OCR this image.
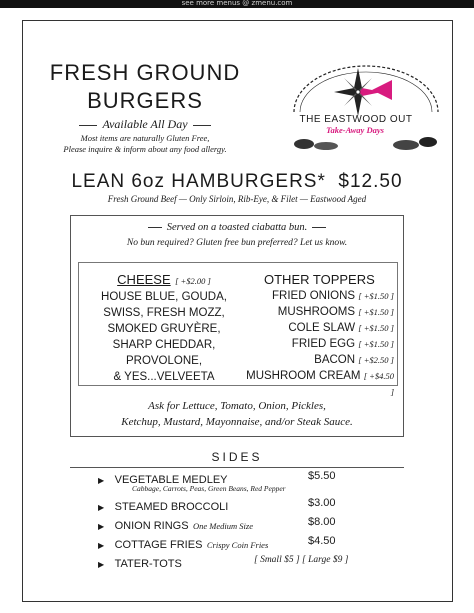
see more menus @ zmenu.com
FRESH GROUND
BURGERS
Available All Day
Most items are naturally Gluten Free,
Please inquire & inform about any food allergy.
THE EASTWOOD OUT
Take-Away Days
LEAN 6oz HAMBURGERS* $12.50
Fresh Ground Beef — Only Sirloin, Rib-Eye, & Filet — Eastwood Aged
Served on a toasted ciabatta bun.
No bun required? Gluten free bun preferred? Let us know.
CHEESE [ +$2.00 ]
HOUSE BLUE, GOUDA,
SWISS, FRESH MOZZ,
SMOKED GRUYÈRE,
SHARP CHEDDAR,
PROVOLONE,
& YES...VELVEETA
OTHER TOPPERS
FRIED ONIONS [ +$1.50 ]
MUSHROOMS [ +$1.50 ]
COLE SLAW [ +$1.50 ]
FRIED EGG [ +$1.50 ]
BACON [ +$2.50 ]
MUSHROOM CREAM [ +$4.50 ]
Ask for Lettuce, Tomato, Onion, Pickles,
Ketchup, Mustard, Mayonnaise, and/or Steak Sauce.
SIDES
▶ VEGETABLE MEDLEY	$5.50
Cabbage, Carrots, Peas, Green Beans, Red Pepper
▶ STEAMED BROCCOLI	$3.00
▶ ONION RINGS One Medium Size	$8.00
▶ COTTAGE FRIES Crispy Coin Fries	$4.50
▶ TATER-TOTS	[ Small $5 ] [ Large $9 ]
